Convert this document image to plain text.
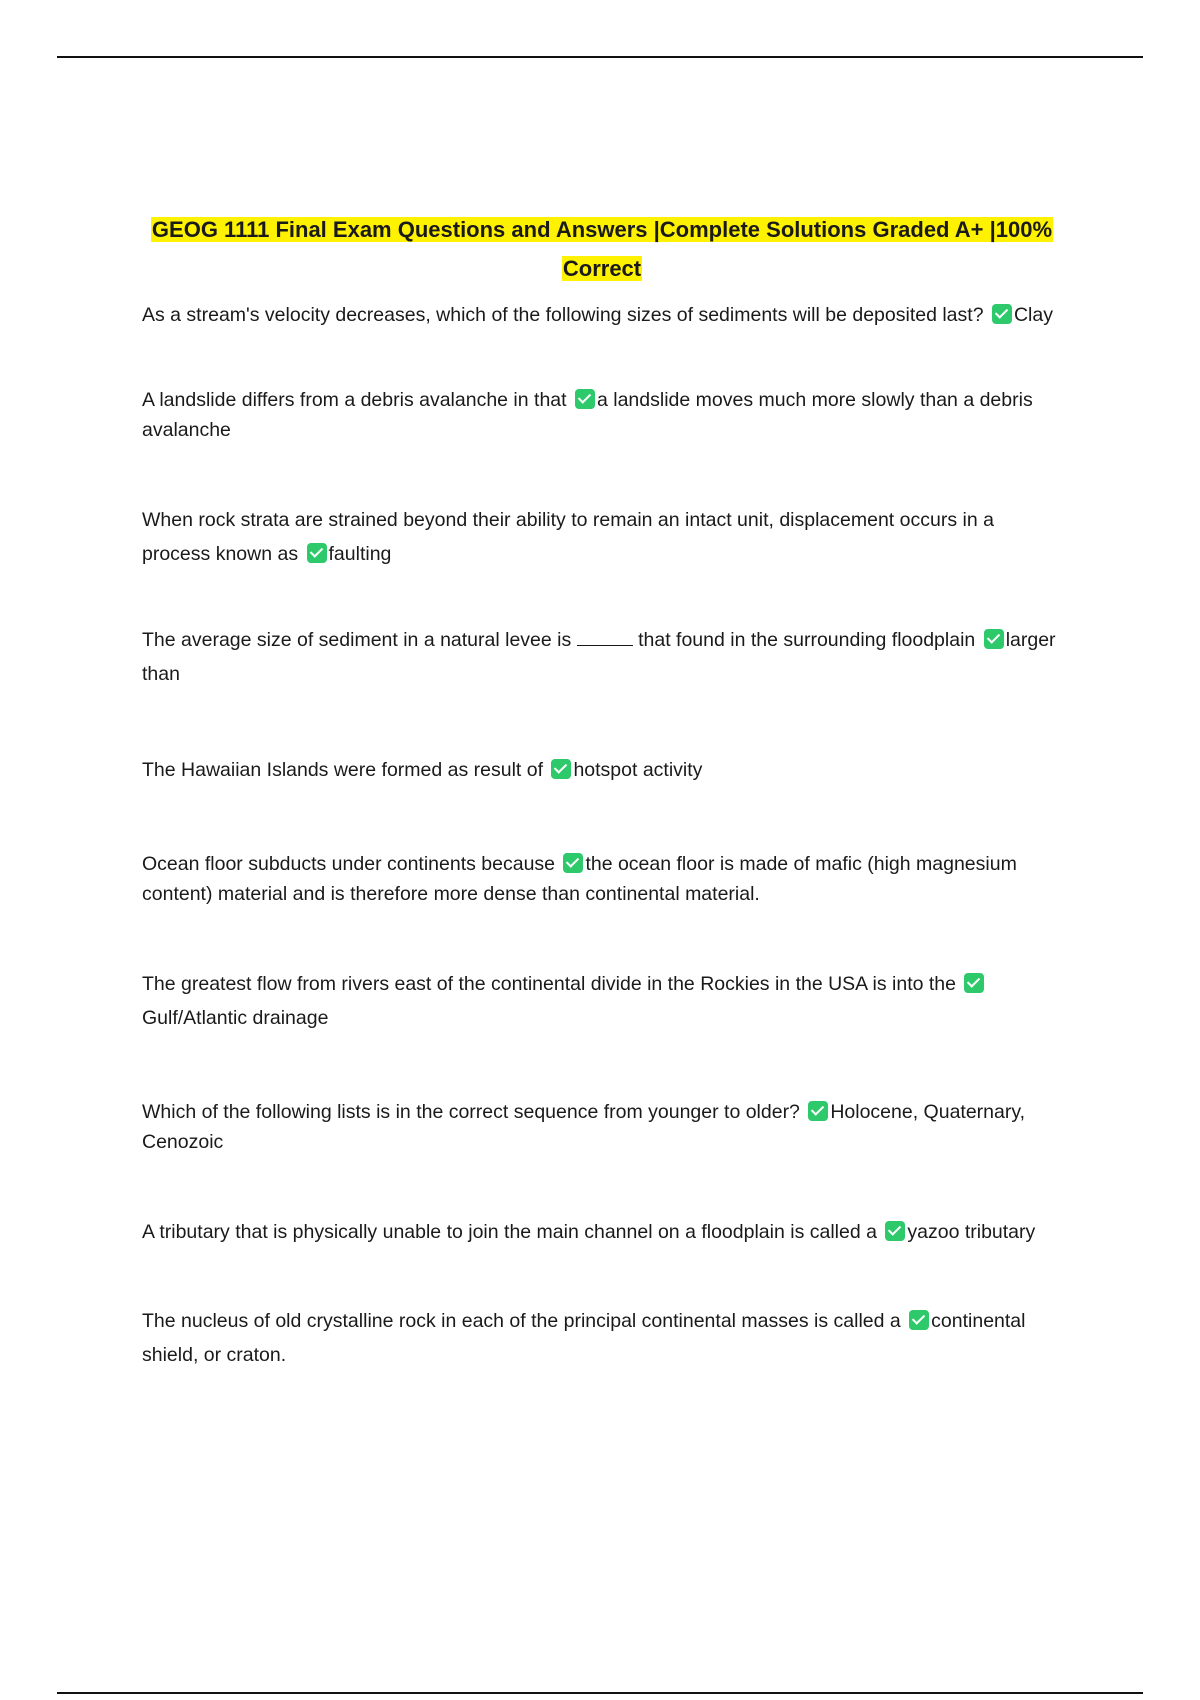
GEOG 1111 Final Exam Questions and Answers |Complete Solutions Graded A+ |100% Correct

As a stream's velocity decreases, which of the following sizes of sediments will be deposited last? Clay

A landslide differs from a debris avalanche in that a landslide moves much more slowly than a debris avalanche

When rock strata are strained beyond their ability to remain an intact unit, displacement occurs in a process known as faulting

The average size of sediment in a natural levee is	that found in the surrounding floodplain larger than

The Hawaiian Islands were formed as result of hotspot activity

Ocean floor subducts under continents because the ocean floor is made of mafic (high magnesium content) material and is therefore more dense than continental material.

The greatest flow from rivers east of the continental divide in the Rockies in the USA is into the Gulf/Atlantic drainage

Which of the following lists is in the correct sequence from younger to older? Holocene, Quaternary, Cenozoic

A tributary that is physically unable to join the main channel on a floodplain is called a yazoo tributary

The nucleus of old crystalline rock in each of the principal continental masses is called a continental shield, or craton.
